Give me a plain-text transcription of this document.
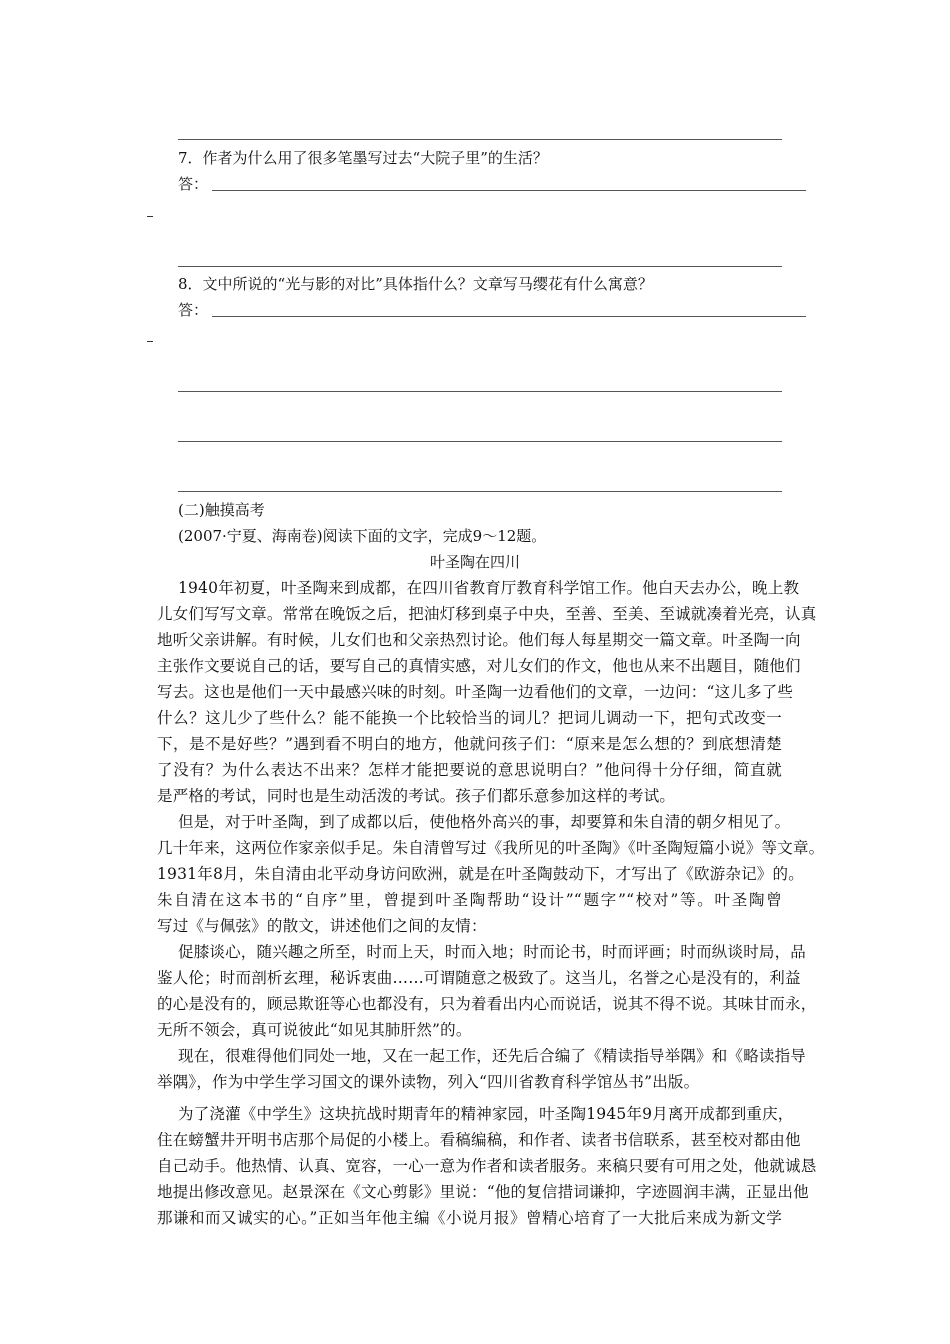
7．作者为什么用了很多笔墨写过去“大院子里”的生活？
答：
8．文中所说的“光与影的对比”具体指什么？文章写马缨花有什么寓意？
答：
(二)触摸高考
(2007·宁夏、海南卷)阅读下面的文字，完成9～12题。
叶圣陶在四川
1940年初夏，叶圣陶来到成都，在四川省教育厅教育科学馆工作。他白天去办公，晚上教
儿女们写写文章。常常在晚饭之后，把油灯移到桌子中央，至善、至美、至诚就凑着光亮，认真
地听父亲讲解。有时候，儿女们也和父亲热烈讨论。他们每人每星期交一篇文章。叶圣陶一向
主张作文要说自己的话，要写自己的真情实感，对儿女们的作文，他也从来不出题目，随他们
写去。这也是他们一天中最感兴味的时刻。叶圣陶一边看他们的文章，一边问：“这儿多了些
什么？这儿少了些什么？能不能换一个比较恰当的词儿？把词儿调动一下，把句式改变一
下，是不是好些？”遇到看不明白的地方，他就问孩子们：“原来是怎么想的？到底想清楚
了没有？为什么表达不出来？怎样才能把要说的意思说明白？”他问得十分仔细，简直就
是严格的考试，同时也是生动活泼的考试。孩子们都乐意参加这样的考试。
但是，对于叶圣陶，到了成都以后，使他格外高兴的事，却要算和朱自清的朝夕相见了。
几十年来，这两位作家亲似手足。朱自清曾写过《我所见的叶圣陶》《叶圣陶短篇小说》等文章。
1931年8月，朱自清由北平动身访问欧洲，就是在叶圣陶鼓动下，才写出了《欧游杂记》的。
朱自清在这本书的“自序”里，曾提到叶圣陶帮助“设计”“题字”“校对”等。叶圣陶曾
写过《与佩弦》的散文，讲述他们之间的友情：
促膝谈心，随兴趣之所至，时而上天，时而入地；时而论书，时而评画；时而纵谈时局，品
鉴人伦；时而剖析玄理，秘诉衷曲……可谓随意之极致了。这当儿，名誉之心是没有的，利益
的心是没有的，顾忌欺诳等心也都没有，只为着看出内心而说话，说其不得不说。其味甘而永，
无所不领会，真可说彼此“如见其肺肝然”的。
现在，很难得他们同处一地，又在一起工作，还先后合编了《精读指导举隅》和《略读指导
举隅》，作为中学生学习国文的课外读物，列入“四川省教育科学馆丛书”出版。
为了浇灌《中学生》这块抗战时期青年的精神家园，叶圣陶1945年9月离开成都到重庆，
住在螃蟹井开明书店那个局促的小楼上。看稿编稿，和作者、读者书信联系，甚至校对都由他
自己动手。他热情、认真、宽容，一心一意为作者和读者服务。来稿只要有可用之处，他就诚恳
地提出修改意见。赵景深在《文心剪影》里说：“他的复信措词谦抑，字迹圆润丰满，正显出他
那谦和而又诚实的心。”正如当年他主编《小说月报》曾精心培育了一大批后来成为新文学
